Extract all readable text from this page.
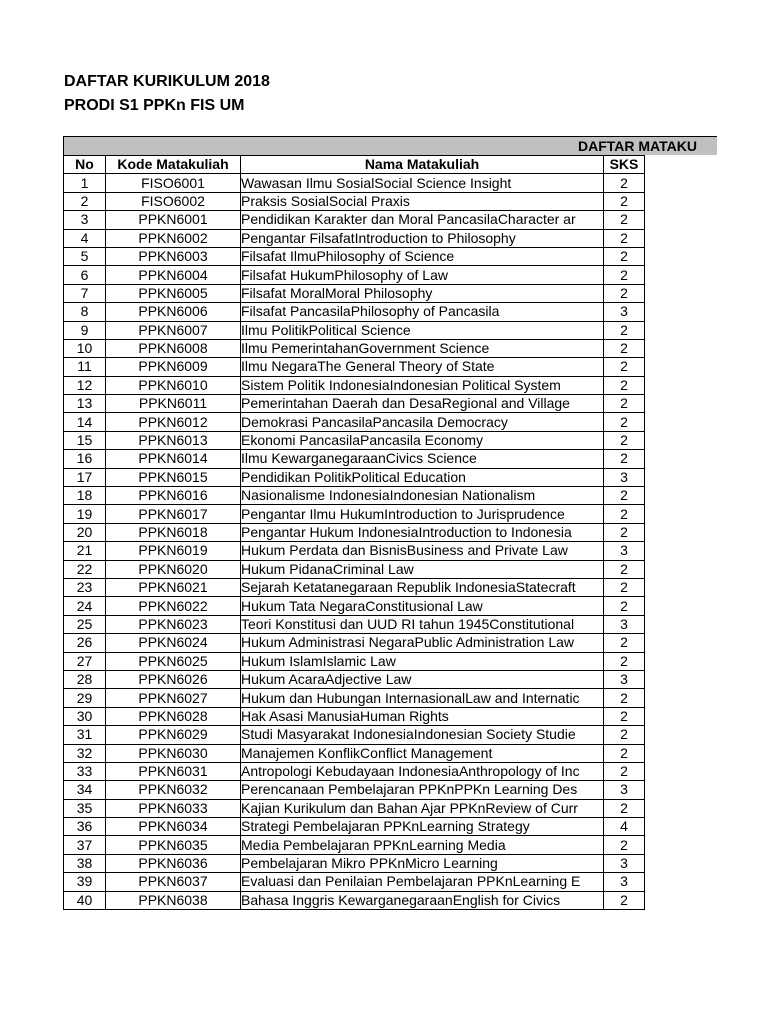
DAFTAR KURIKULUM 2018
PRODI S1 PPKn FIS UM
DAFTAR MATAKU
No	Kode Matakuliah	Nama Matakuliah	SKS
1	FISO6001	Wawasan Ilmu SosialSocial Science Insight	2
2	FISO6002	Praksis SosialSocial Praxis	2
3	PPKN6001	Pendidikan Karakter dan Moral PancasilaCharacter ar	2
4	PPKN6002	Pengantar FilsafatIntroduction to Philosophy	2
5	PPKN6003	Filsafat IlmuPhilosophy of Science	2
6	PPKN6004	Filsafat HukumPhilosophy of Law	2
7	PPKN6005	Filsafat MoralMoral Philosophy	2
8	PPKN6006	Filsafat PancasilaPhilosophy of Pancasila	3
9	PPKN6007	Ilmu PolitikPolitical Science	2
10	PPKN6008	Ilmu PemerintahanGovernment Science	2
11	PPKN6009	Ilmu NegaraThe General Theory of State	2
12	PPKN6010	Sistem Politik IndonesiaIndonesian Political System	2
13	PPKN6011	Pemerintahan Daerah dan DesaRegional and Village	2
14	PPKN6012	Demokrasi PancasilaPancasila Democracy	2
15	PPKN6013	Ekonomi PancasilaPancasila Economy	2
16	PPKN6014	Ilmu KewarganegaraanCivics Science	2
17	PPKN6015	Pendidikan PolitikPolitical Education	3
18	PPKN6016	Nasionalisme IndonesiaIndonesian Nationalism	2
19	PPKN6017	Pengantar Ilmu HukumIntroduction to Jurisprudence	2
20	PPKN6018	Pengantar Hukum IndonesiaIntroduction to Indonesia	2
21	PPKN6019	Hukum Perdata dan BisnisBusiness and Private Law	3
22	PPKN6020	Hukum PidanaCriminal Law	2
23	PPKN6021	Sejarah Ketatanegaraan Republik IndonesiaStatecraft	2
24	PPKN6022	Hukum Tata NegaraConstitusional Law	2
25	PPKN6023	Teori Konstitusi dan UUD RI tahun 1945Constitutional	3
26	PPKN6024	Hukum Administrasi NegaraPublic Administration Law	2
27	PPKN6025	Hukum IslamIslamic Law	2
28	PPKN6026	Hukum AcaraAdjective Law	3
29	PPKN6027	Hukum dan Hubungan InternasionalLaw and Internatic	2
30	PPKN6028	Hak Asasi ManusiaHuman Rights	2
31	PPKN6029	Studi Masyarakat IndonesiaIndonesian Society Studie	2
32	PPKN6030	Manajemen KonflikConflict Management	2
33	PPKN6031	Antropologi Kebudayaan IndonesiaAnthropology of Inc	2
34	PPKN6032	Perencanaan Pembelajaran PPKnPPKn Learning Des	3
35	PPKN6033	Kajian Kurikulum dan Bahan Ajar PPKnReview of Curr	2
36	PPKN6034	Strategi Pembelajaran PPKnLearning Strategy	4
37	PPKN6035	Media Pembelajaran PPKnLearning Media	2
38	PPKN6036	Pembelajaran Mikro PPKnMicro Learning	3
39	PPKN6037	Evaluasi dan Penilaian Pembelajaran PPKnLearning E	3
40	PPKN6038	Bahasa Inggris KewarganegaraanEnglish for Civics	2
